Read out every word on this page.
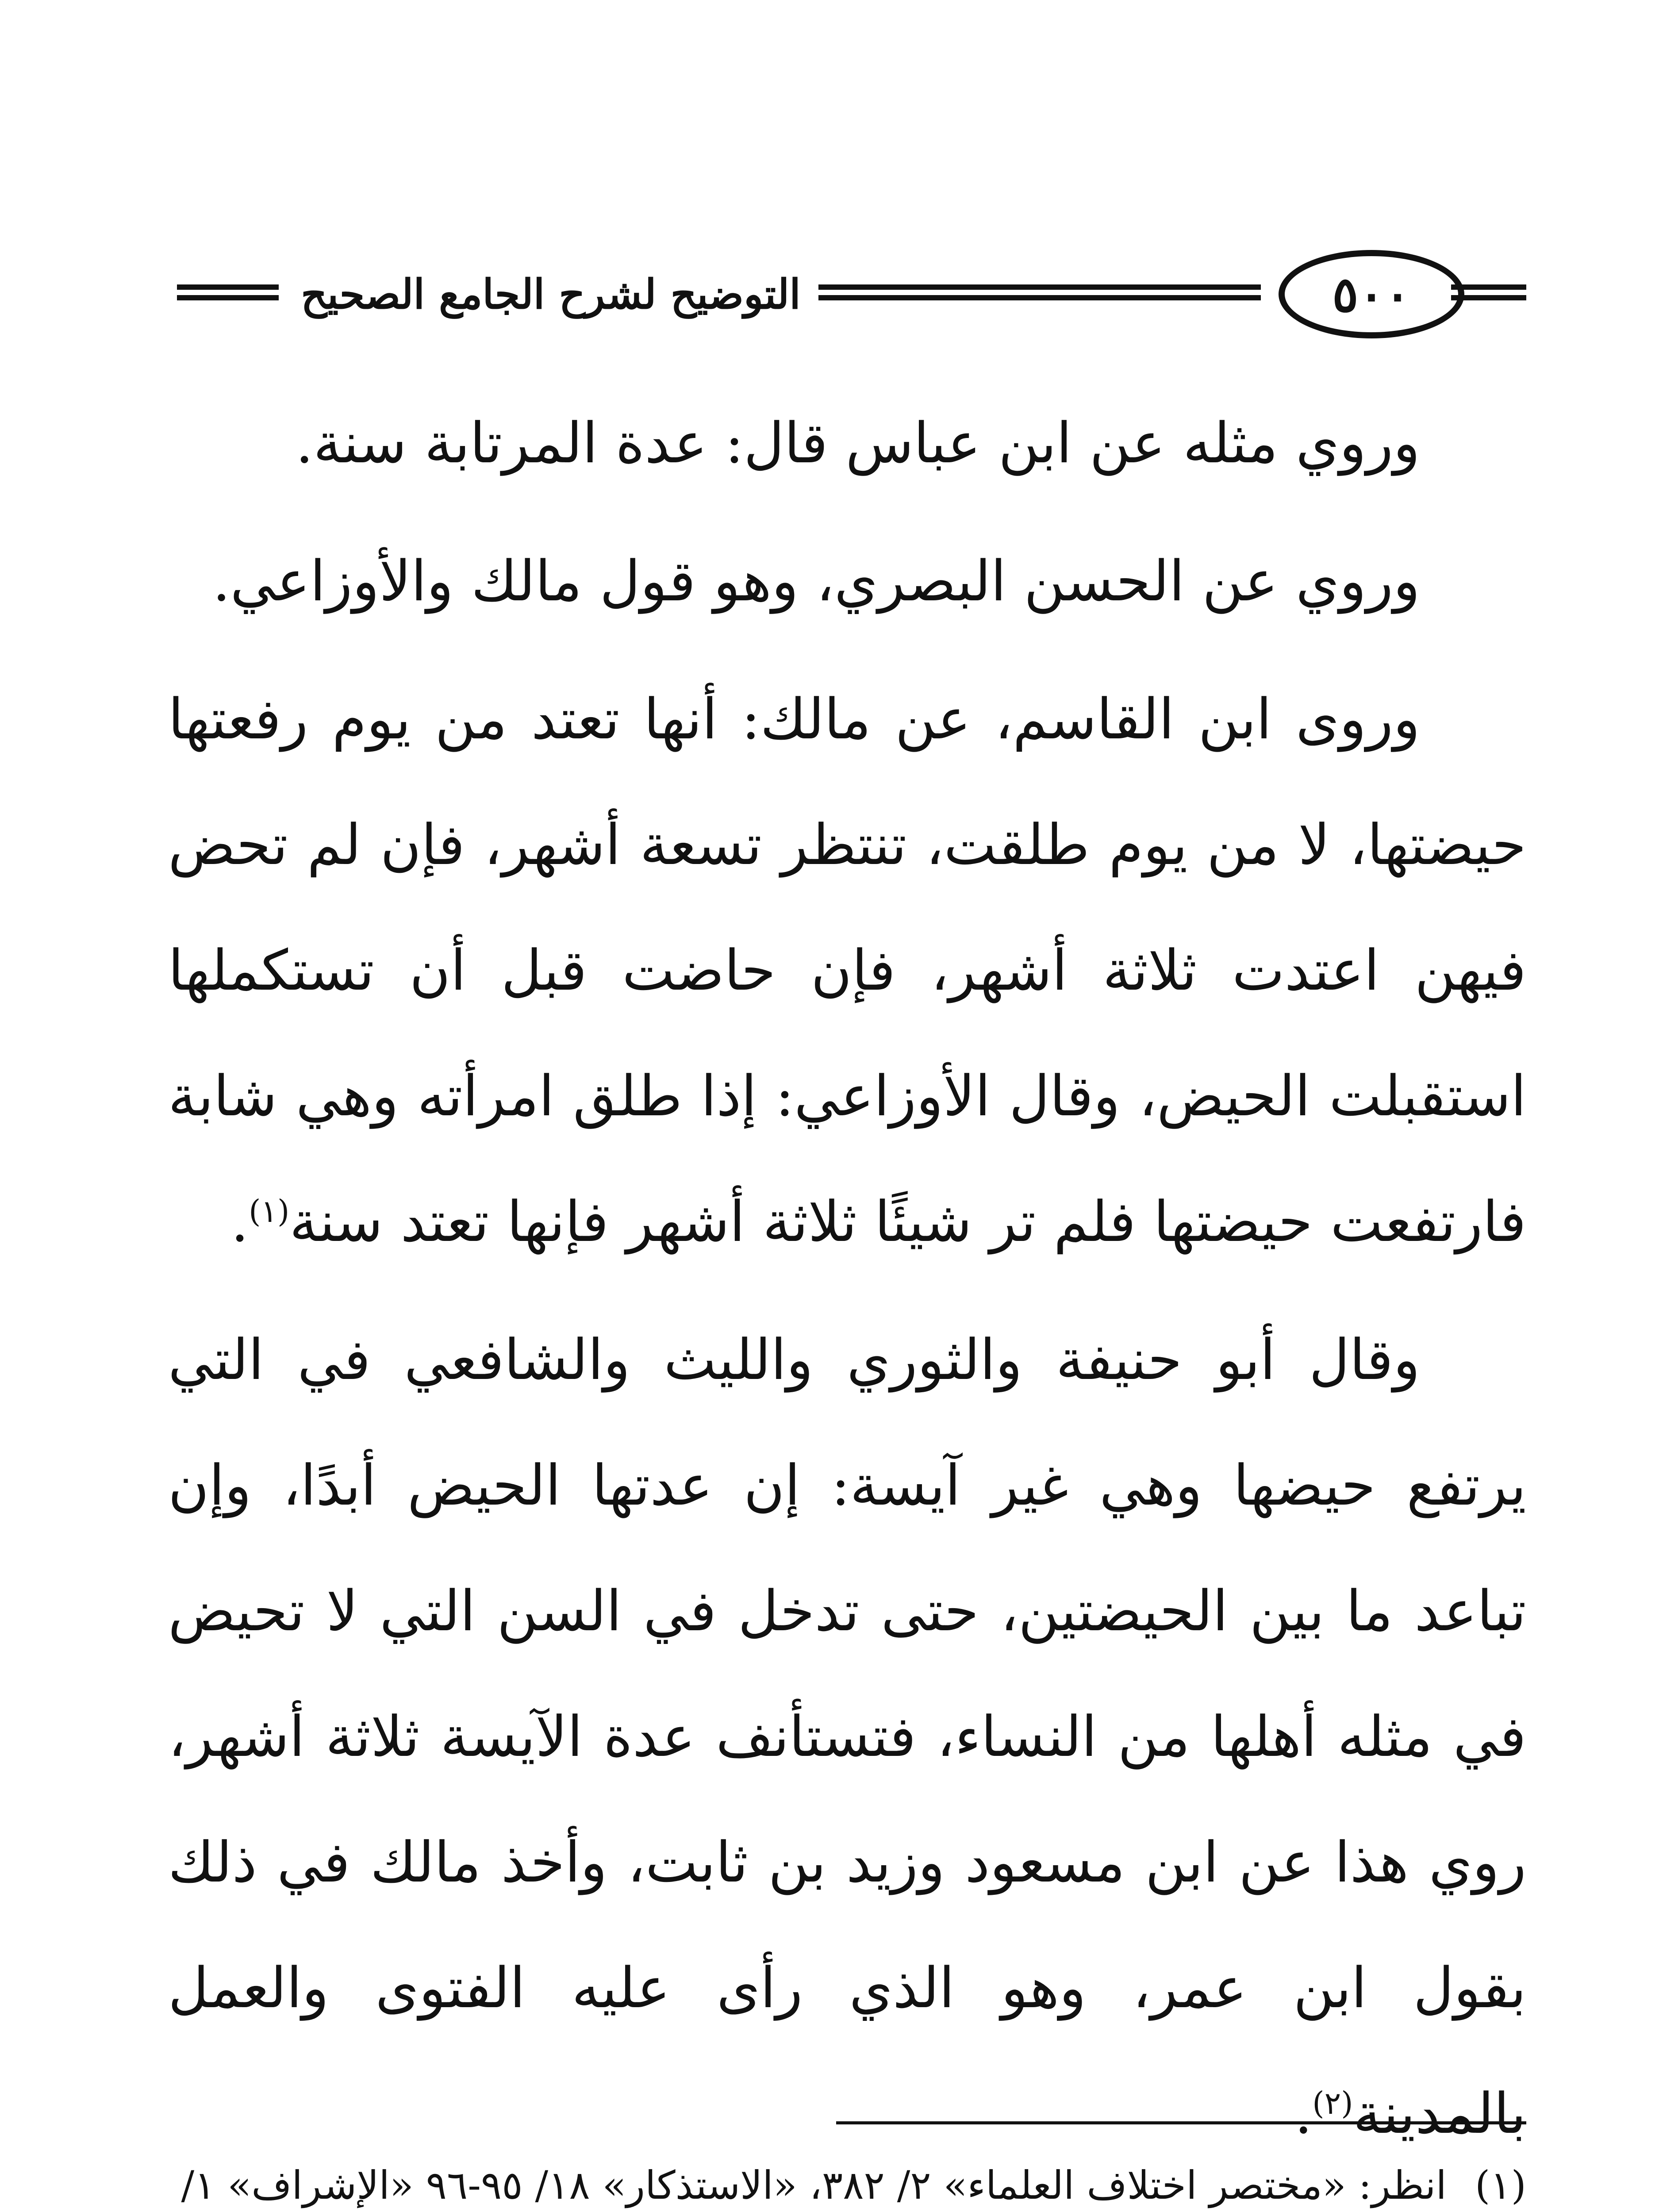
التوضيح لشرح الجامع الصحيح	٥٠٠

وروي مثله عن ابن عباس قال: عدة المرتابة سنة.

وروي عن الحسن البصري، وهو قول مالك والأوزاعي.

وروى ابن القاسم، عن مالك: أنها تعتد من يوم رفعتها حيضتها، لا من يوم طلقت، تنتظر تسعة أشهر، فإن لم تحض فيهن اعتدت ثلاثة أشهر، فإن حاضت قبل أن تستكملها استقبلت الحيض، وقال الأوزاعي: إذا طلق امرأته وهي شابة فارتفعت حيضتها فلم تر شيئًا ثلاثة أشهر فإنها تعتد سنة$^{(١)}$.

وقال أبو حنيفة والثوري والليث والشافعي في التي يرتفع حيضها وهي غير آيسة: إن عدتها الحيض أبدًا، وإن تباعد ما بين الحيضتين، حتى تدخل في السن التي لا تحيض في مثله أهلها من النساء، فتستأنف عدة الآيسة ثلاثة أشهر، روي هذا عن ابن مسعود وزيد بن ثابت، وأخذ مالك في ذلك بقول ابن عمر، وهو الذي رأى عليه الفتوى والعمل بالمدينة$^{(٢)}$.

(١)انظر: «مختصر اختلاف العلماء» ٢/ ٣٨٢، «الاستذكار» ١٨/ ٩٥-٩٦ «الإشراف» ١/
